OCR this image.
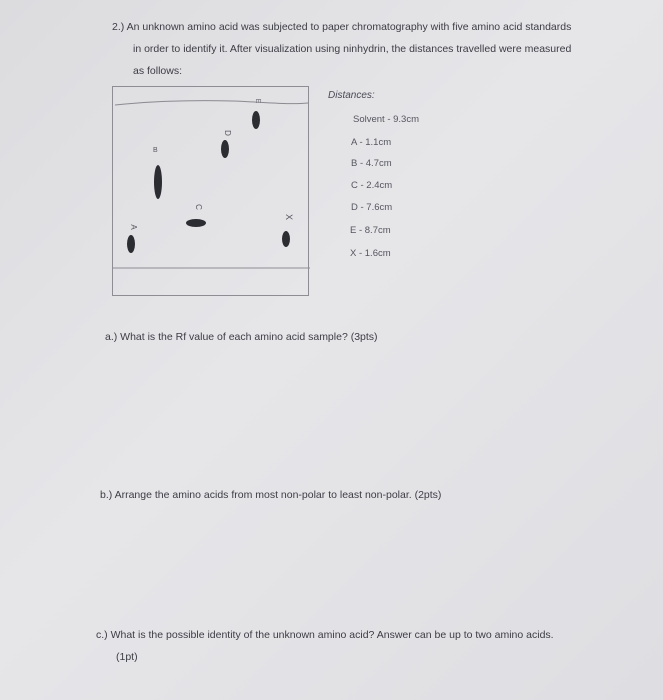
2.) An unknown amino acid was subjected to paper chromatography with five amino acid standards
in order to identify it. After visualization using ninhydrin, the distances travelled were measured
as follows:
A
B
C
D
E
X
Distances:
Solvent - 9.3cm
A - 1.1cm
B - 4.7cm
C - 2.4cm
D - 7.6cm
E - 8.7cm
X - 1.6cm
a.) What is the Rf value of each amino acid sample? (3pts)
b.) Arrange the amino acids from most non-polar to least non-polar. (2pts)
c.) What is the possible identity of the unknown amino acid? Answer can be up to two amino acids.
(1pt)
